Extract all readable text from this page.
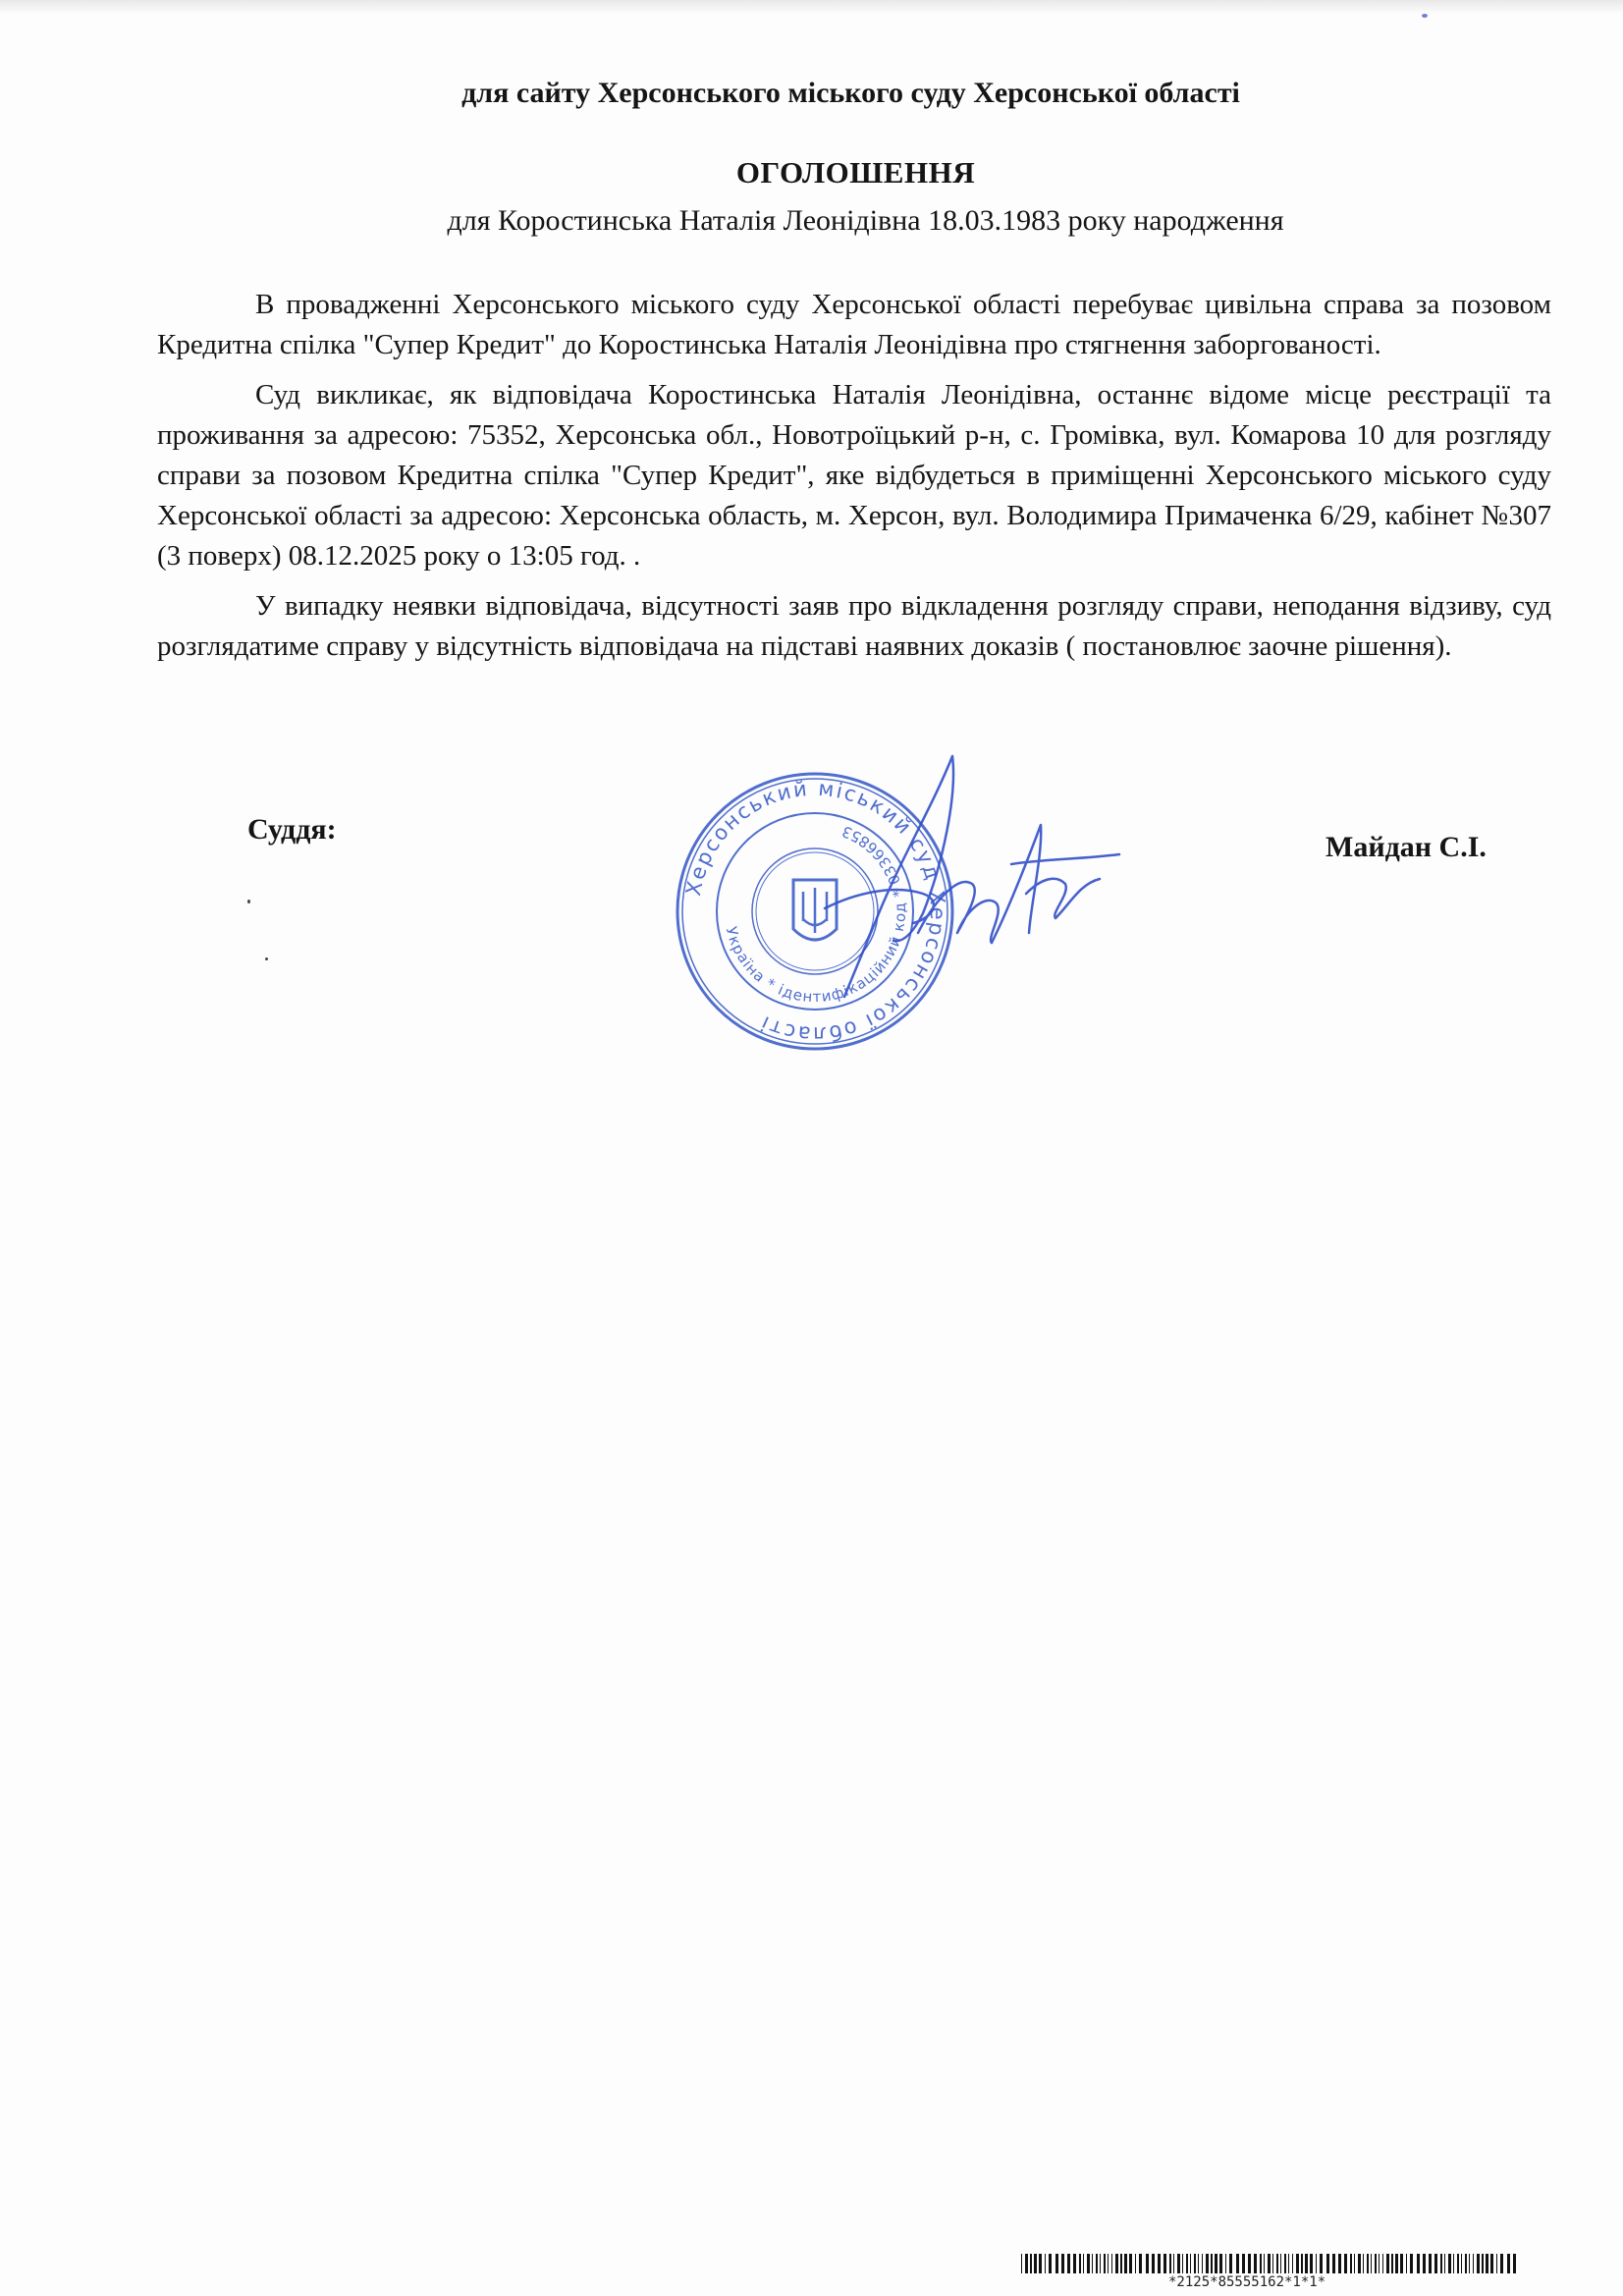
для сайту Херсонського міського суду Херсонської області
ОГОЛОШЕННЯ
для Коростинська Наталія Леонідівна 18.03.1983 року народження

В провадженні Херсонського міського суду Херсонської області перебуває цивільна справа за позовом Кредитна спілка "Супер Кредит" до Коростинська Наталія Леонідівна про стягнення заборгованості.

Суд викликає, як відповідача Коростинська Наталія Леонідівна, останнє відоме місце реєстрації та проживання за адресою: 75352, Херсонська обл., Новотроїцький р-н, с. Громівка, вул. Комарова 10 для розгляду справи за позовом Кредитна спілка "Супер Кредит", яке відбудеться в приміщенні Херсонського міського суду Херсонської області за адресою: Херсонська область, м. Херсон, вул. Володимира Примаченка 6/29, кабінет №307 (3 поверх) 08.12.2025 року о 13:05 год. .

У випадку неявки відповідача, відсутності заяв про відкладення розгляду справи, неподання відзиву, суд розглядатиме справу у відсутність відповідача на підставі наявних доказів ( постановлює заочне рішення).

Суддя:
Майдан С.І.
Херсонський міський суд Херсонської області
Україна * ідентифікаційний код * 03366853
*2125*85555162*1*1*
